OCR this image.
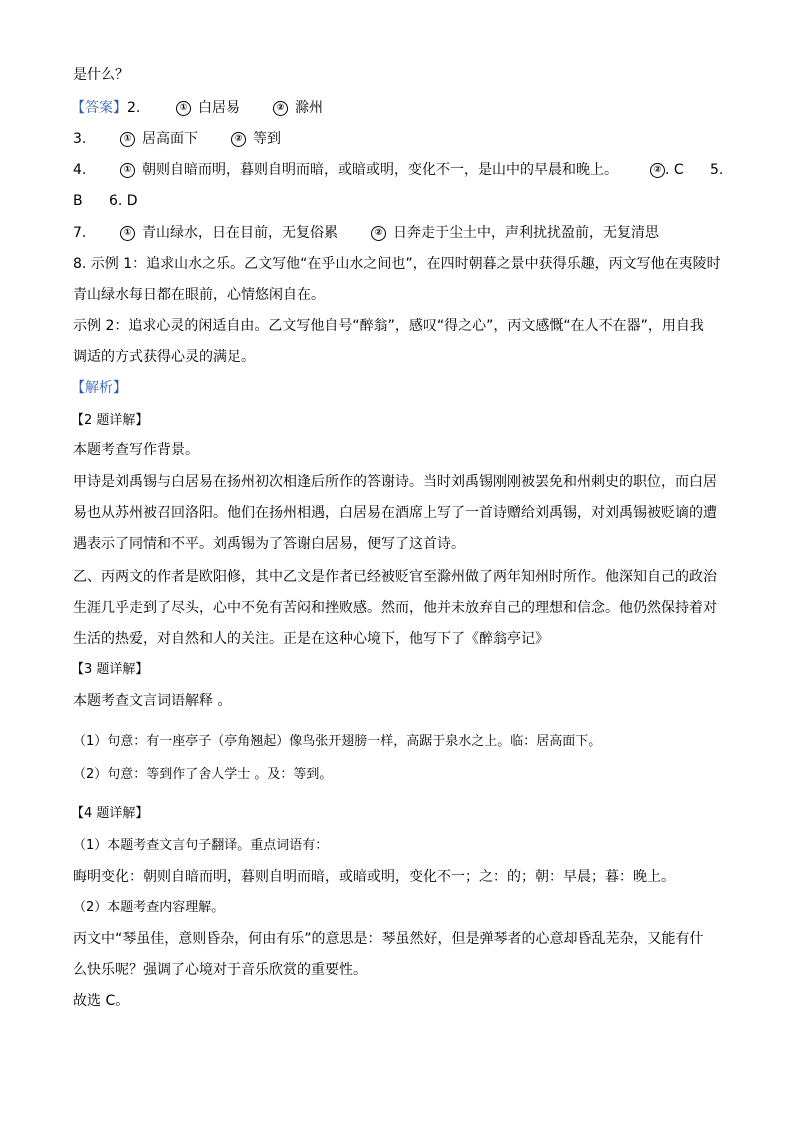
是什么？
【答案】 2.	① 白居易	② 滁州
3.	① 居高面下	② 等到
4.	① 朝则自暗而明，暮则自明而暗，或暗或明，变化不一，是山中的早晨和晚上。	② . C 5.
B 6. D
7.	① 青山绿水，日在目前，无复俗累	② 日奔走于尘土中，声利扰扰盈前，无复清思
8. 示例 1：追求山水之乐。乙文写他“在乎山水之间也”，在四时朝暮之景中获得乐趣，丙文写他在夷陵时
青山绿水每日都在眼前，心情悠闲自在。
示例 2：追求心灵的闲适自由。乙文写他自号“醉翁”，感叹“得之心”，丙文感慨“在人不在器”，用自我
调适的方式获得心灵的满足。
【解析】
【2 题详解】
本题考查写作背景。
甲诗是刘禹锡与白居易在扬州初次相逢后所作的答谢诗。当时刘禹锡刚刚被罢免和州刺史的职位，而白居
易也从苏州被召回洛阳。他们在扬州相遇，白居易在酒席上写了一首诗赠给刘禹锡，对刘禹锡被贬谪的遭
遇表示了同情和不平。刘禹锡为了答谢白居易，便写了这首诗。
乙、丙两文的作者是欧阳修，其中乙文是作者已经被贬官至滁州做了两年知州时所作。他深知自己的政治
生涯几乎走到了尽头，心中不免有苦闷和挫败感。然而，他并未放弃自己的理想和信念。他仍然保持着对
生活的热爱，对自然和人的关注。正是在这种心境下，他写下了《醉翁亭记》
【3 题详解】
本题考查文言词语解释 。
（1）句意：有一座亭子（亭角翘起）像鸟张开翅膀一样，高踞于泉水之上。临：居高面下。
（2）句意：等到作了舍人学士 。及：等到。
【4 题详解】
（1）本题考查文言句子翻译。重点词语有：
晦明变化：朝则自暗而明，暮则自明而暗，或暗或明，变化不一；之：的；朝：早晨；暮：晚上。
（2）本题考查内容理解。
丙文中“琴虽佳，意则昏杂，何由有乐”的意思是：琴虽然好，但是弹琴者的心意却昏乱芜杂，又能有什
么快乐呢？强调了心境对于音乐欣赏的重要性。
故选 C。
